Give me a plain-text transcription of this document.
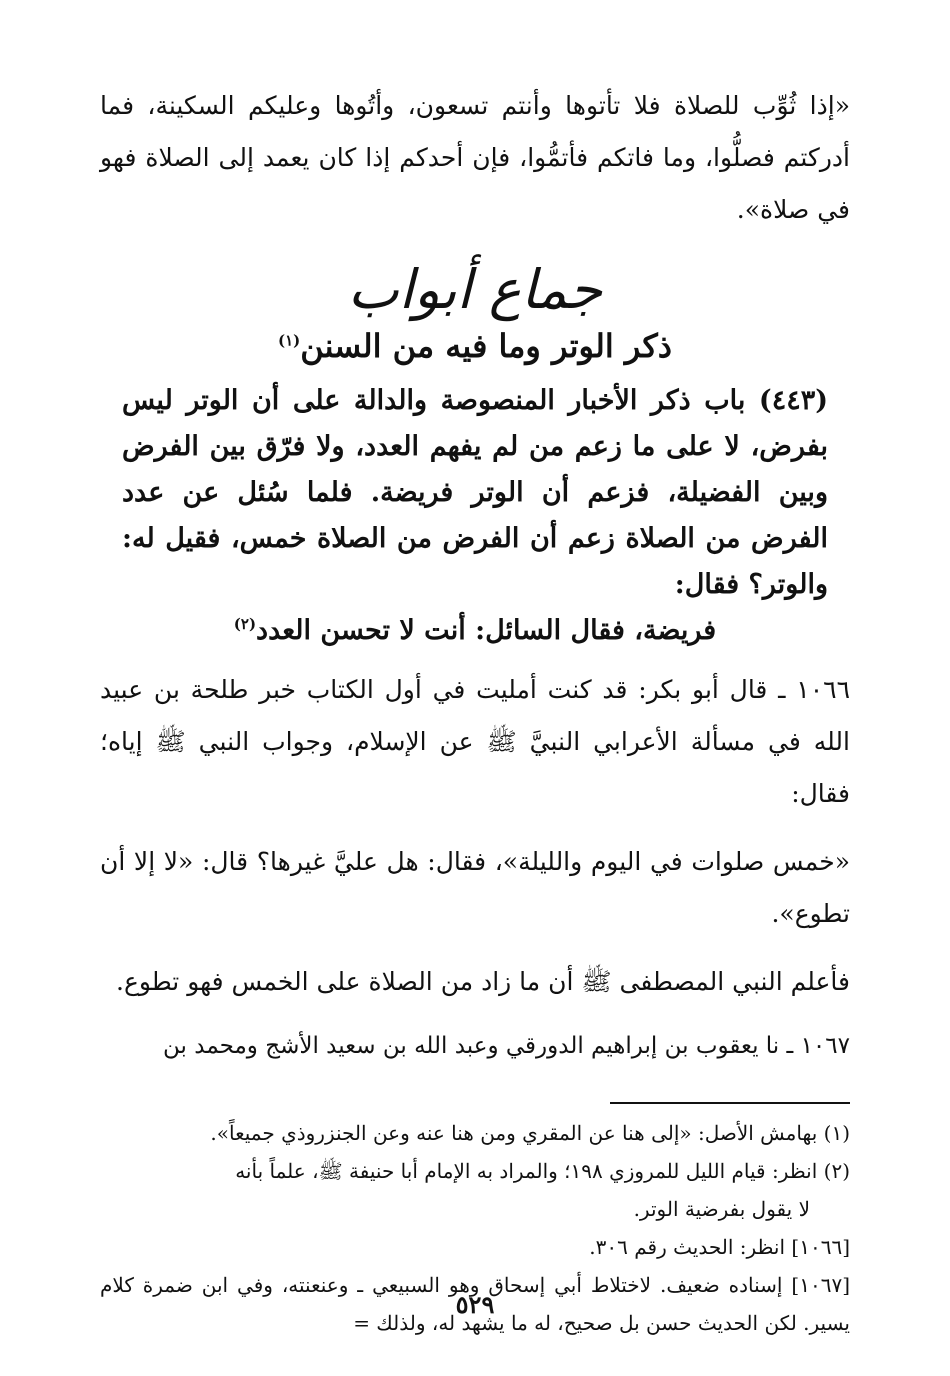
«إذا ثُوِّب للصلاة فلا تأتوها وأنتم تسعون، وأتُوها وعليكم السكينة، فما أدركتم فصلُّوا، وما فاتكم فأتمُّوا، فإن أحدكم إذا كان يعمد إلى الصلاة فهو في صلاة».

جماع أبواب
ذكر الوتر وما فيه من السنن$^{(١)}$

(٤٤٣) باب ذكر الأخبار المنصوصة والدالة على أن الوتر ليس بفرض، لا على ما زعم من لم يفهم العدد، ولا فرّق بين الفرض وبين الفضيلة، فزعم أن الوتر فريضة. فلما سُئل عن عدد الفرض من الصلاة زعم أن الفرض من الصلاة خمس، فقيل له: والوتر؟ فقال:

فريضة، فقال السائل: أنت لا تحسن العدد$^{(٢)}$

١٠٦٦ ـ قال أبو بكر: قد كنت أمليت في أول الكتاب خبر طلحة بن عبيد الله في مسألة الأعرابي النبيَّ ﷺ عن الإسلام، وجواب النبي ﷺ إياه؛ فقال:

«خمس صلوات في اليوم والليلة»، فقال: هل عليَّ غيرها؟ قال: «لا إلا أن تطوع».

فأعلم النبي المصطفى ﷺ أن ما زاد من الصلاة على الخمس فهو تطوع.

١٠٦٧ ـ نا يعقوب بن إبراهيم الدورقي وعبد الله بن سعيد الأشج ومحمد بن

(١) بهامش الأصل: «إلى هنا عن المقري ومن هنا عنه وعن الجنزروذي جميعاً».

(٢) انظر: قيام الليل للمروزي ١٩٨؛ والمراد به الإمام أبا حنيفة ﷺ، علماً بأنه

لا يقول بفرضية الوتر.

[١٠٦٦] انظر: الحديث رقم ٣٠٦.

[١٠٦٧] إسناده ضعيف. لاختلاط أبي إسحاق وهو السبيعي ـ وعنعنته، وفي ابن ضمرة كلام يسير. لكن الحديث حسن بل صحيح، له ما يشهد له، ولذلك =

٥٢٩
